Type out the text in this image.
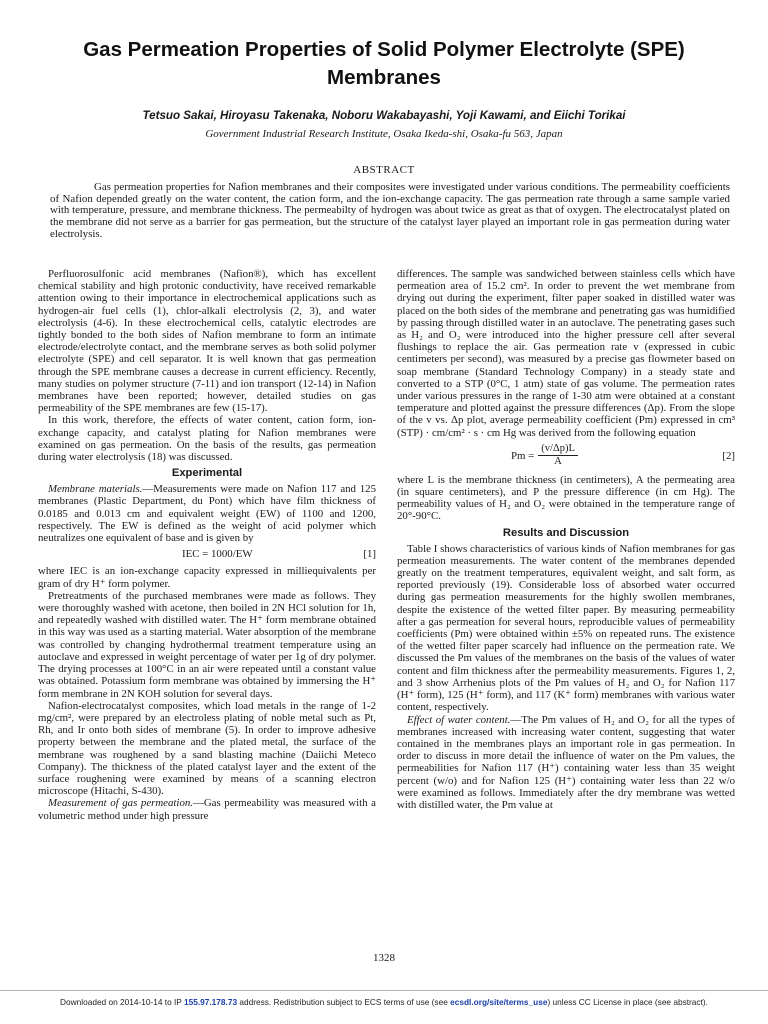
Gas Permeation Properties of Solid Polymer Electrolyte (SPE)
Membranes
Tetsuo Sakai, Hiroyasu Takenaka, Noboru Wakabayashi, Yoji Kawami, and Eiichi Torikai
Government Industrial Research Institute, Osaka Ikeda-shi, Osaka-fu 563, Japan
ABSTRACT
Gas permeation properties for Nafion membranes and their composites were investigated under various conditions. The permeability coefficients of Nafion depended greatly on the water content, the cation form, and the ion-exchange capacity. The gas permeation rate through a same sample varied with temperature, pressure, and membrane thickness. The permeabilty of hydrogen was about twice as great as that of oxygen. The electrocatalyst plated on the membrane did not serve as a barrier for gas permeation, but the structure of the catalyst layer played an important role in gas permeation during water electrolysis.

Perfluorosulfonic acid membranes (Nafion®), which has excellent chemical stability and high protonic conductivity, have received remarkable attention owing to their importance in electrochemical applications such as hydrogen-air fuel cells (1), chlor-alkali electrolysis (2, 3), and water electrolysis (4-6). In these electrochemical cells, catalytic electrodes are tightly bonded to the both sides of Nafion membrane to form an intimate electrode/electrolyte contact, and the membrane serves as both solid polymer electrolyte (SPE) and cell separator. It is well known that gas permeation through the SPE membrane causes a decrease in current efficiency. Recently, many studies on polymer structure (7-11) and ion transport (12-14) in Nafion membranes have been reported; however, detailed studies on gas permeability of the SPE membranes are few (15-17).

In this work, therefore, the effects of water content, cation form, ion-exchange capacity, and catalyst plating for Nafion membranes were examined on gas permeation. On the basis of the results, gas permeation during water electrolysis (18) was discussed.

Experimental

Membrane materials.—Measurements were made on Nafion 117 and 125 membranes (Plastic Department, du Pont) which have film thickness of 0.0185 and 0.013 cm and equivalent weight (EW) of 1100 and 1200, respectively. The EW is defined as the weight of acid polymer which neutralizes one equivalent of base and is given by

IEC = 1000/EW	[1]

where IEC is an ion-exchange capacity expressed in milliequivalents per gram of dry H⁺ form polymer.

Pretreatments of the purchased membranes were made as follows. They were thoroughly washed with acetone, then boiled in 2N HCl solution for 1h, and repeatedly washed with distilled water. The H⁺ form membrane obtained in this way was used as a starting material. Water absorption of the membrane was controlled by changing hydrothermal treatment temperature using an autoclave and expressed in weight percentage of water per 1g of dry polymer. The drying processes at 100°C in an air were repeated until a constant value was obtained. Potassium form membrane was obtained by immersing the H⁺ form membrane in 2N KOH solution for several days.

Nafion-electrocatalyst composites, which load metals in the range of 1-2 mg/cm², were prepared by an electroless plating of noble metal such as Pt, Rh, and Ir onto both sides of membrane (5). In order to improve adhesive property between the membrane and the plated metal, the surface of the membrane was roughened by a sand blasting machine (Daiichi Meteco Company). The thickness of the plated catalyst layer and the extent of the surface roughening were examined by means of a scanning electron microscope (Hitachi, S-430).

Measurement of gas permeation.—Gas permeability was measured with a volumetric method under high pressure

differences. The sample was sandwiched between stainless cells which have permeation area of 15.2 cm². In order to prevent the wet membrane from drying out during the experiment, filter paper soaked in distilled water was placed on the both sides of the membrane and penetrating gas was humidified by passing through distilled water in an autoclave. The penetrating gases such as H₂ and O₂ were introduced into the higher pressure cell after several flushings to replace the air. Gas permeation rate v (expressed in cubic centimeters per second), was measured by a precise gas flowmeter based on soap membrane (Standard Technology Company) in a steady state and converted to a STP (0°C, 1 atm) state of gas volume. The permeation rates under various pressures in the range of 1-30 atm were obtained at a constant temperature and plotted against the pressure differences (Δp). From the slope of the v vs. Δp plot, average permeability coefficient (Pm) expressed in cm³ (STP) · cm/cm² · s · cm Hg was derived from the following equation

$Pm = \frac{(v/\Delta p)L}{A}$	[2]

where L is the membrane thickness (in centimeters), A the permeating area (in square centimeters), and P the pressure difference (in cm Hg). The permeability values of H₂ and O₂ were obtained in the temperature range of 20°-90°C.

Results and Discussion

Table I shows characteristics of various kinds of Nafion membranes for gas permeation measurements. The water content of the membranes depended greatly on the treatment temperatures, equivalent weight, and salt form, as reported previously (19). Considerable loss of absorbed water occurred during gas permeation measurements for the highly swollen membranes, despite the existence of the wetted filter paper. By measuring permeability after a gas permeation for several hours, reproducible values of permeability coefficients (Pm) were obtained within ±5% on repeated runs. The existence of the wetted filter paper scarcely had influence on the permeation rate. We discussed the Pm values of the membranes on the basis of the values of water content and film thickness after the permeability measurements. Figures 1, 2, and 3 show Arrhenius plots of the Pm values of H₂ and O₂ for Nafion 117 (H⁺ form), 125 (H⁺ form), and 117 (K⁺ form) membranes with various water content, respectively.

Effect of water content.—The Pm values of H₂ and O₂ for all the types of membranes increased with increasing water content, suggesting that water contained in the membranes plays an important role in gas permeation. In order to discuss in more detail the influence of water on the Pm values, the permeabilities for Nafion 117 (H⁺) containing water less than 35 weight percent (w/o) and for Nafion 125 (H⁺) containing water less than 22 w/o were examined as follows. Immediately after the dry membrane was wetted with distilled water, the Pm value at

1328
Downloaded on 2014-10-14 to IP 155.97.178.73 address. Redistribution subject to ECS terms of use (see ecsdl.org/site/terms_use) unless CC License in place (see abstract).
